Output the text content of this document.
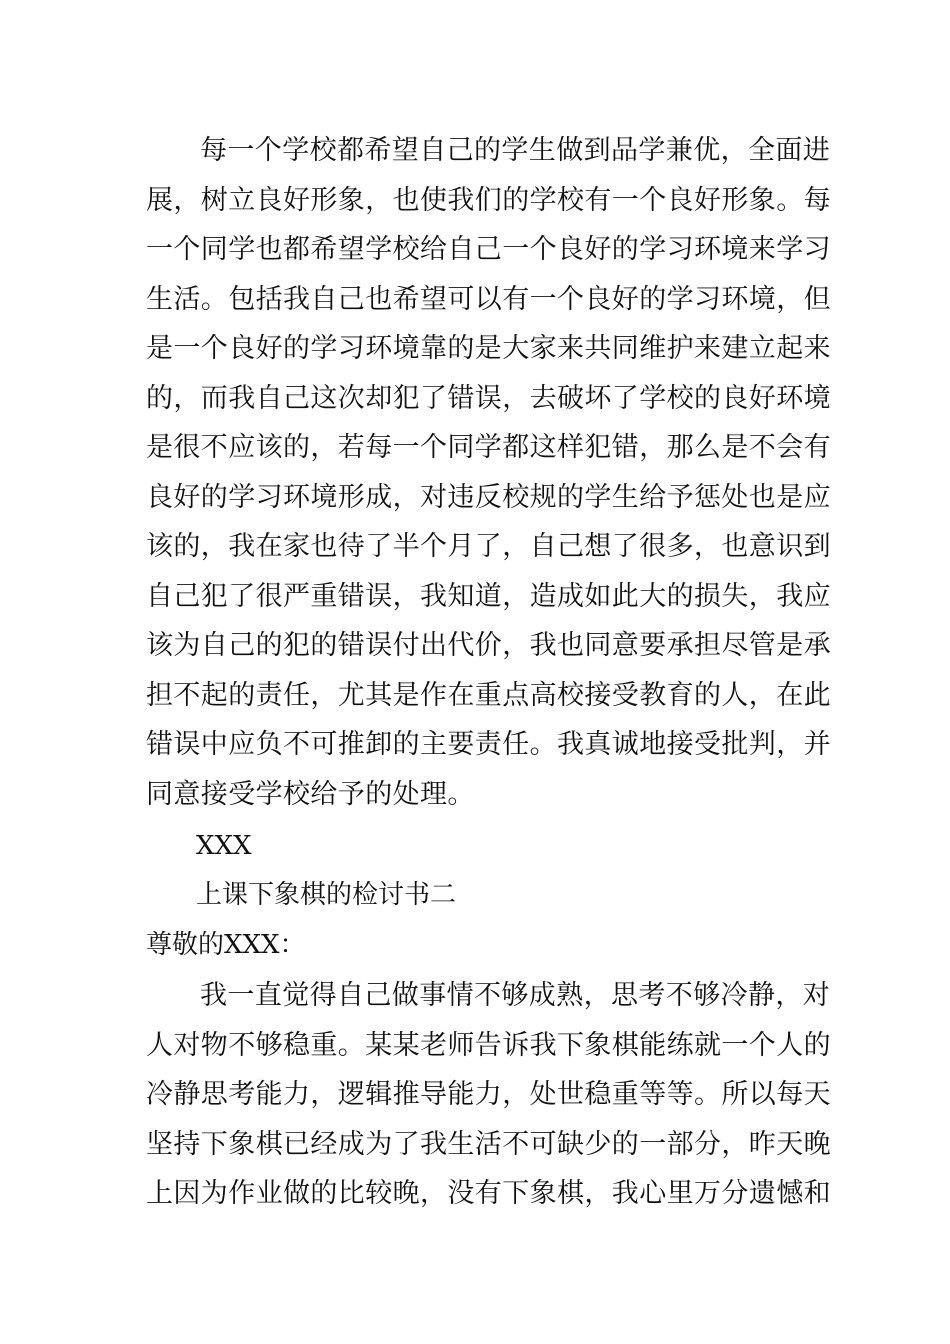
每一个学校都希望自己的学生做到品学兼优，全面进
展，树立良好形象，也使我们的学校有一个良好形象。每
一个同学也都希望学校给自己一个良好的学习环境来学习
生活。包括我自己也希望可以有一个良好的学习环境，但
是一个良好的学习环境靠的是大家来共同维护来建立起来
的，而我自己这次却犯了错误，去破坏了学校的良好环境
是很不应该的，若每一个同学都这样犯错，那么是不会有
良好的学习环境形成，对违反校规的学生给予惩处也是应
该的，我在家也待了半个月了，自己想了很多，也意识到
自己犯了很严重错误，我知道，造成如此大的损失，我应
该为自己的犯的错误付出代价，我也同意要承担尽管是承
担不起的责任，尤其是作在重点高校接受教育的人，在此
错误中应负不可推卸的主要责任。我真诚地接受批判，并
同意接受学校给予的处理。
XXX
上课下象棋的检讨书二
尊敬的XXX：
我一直觉得自己做事情不够成熟，思考不够冷静，对
人对物不够稳重。某某老师告诉我下象棋能练就一个人的
冷静思考能力，逻辑推导能力，处世稳重等等。所以每天
坚持下象棋已经成为了我生活不可缺少的一部分，昨天晚
上因为作业做的比较晚，没有下象棋，我心里万分遗憾和
